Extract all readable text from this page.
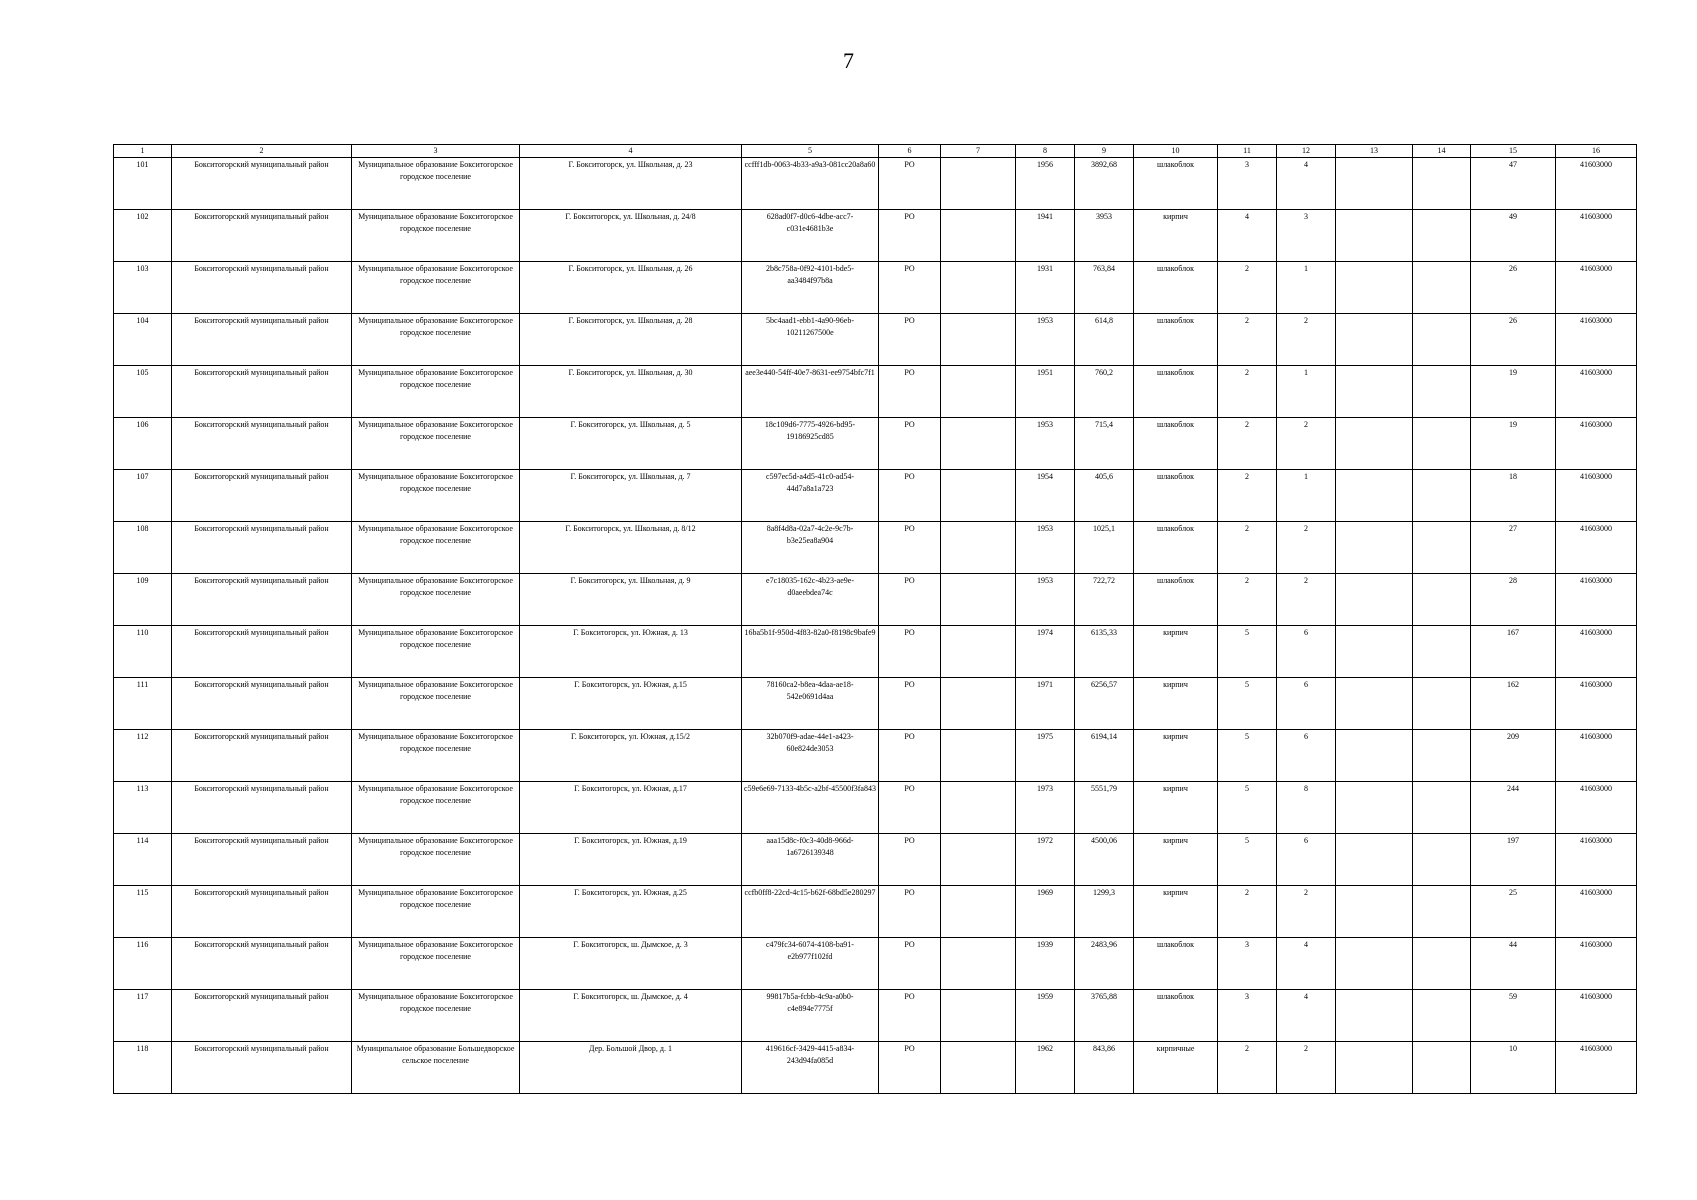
7
1	2	3	4	5	6	7	8	9	10	11	12	13	14	15	16
101	Бокситогорский муниципальный район	Муниципальное образование Бокситогорское городское поселение	Г. Бокситогорск, ул. Школьная, д. 23	ccfff1db-0063-4b33-a9a3-081cc20a8a60	РО		1956	3892,68	шлакоблок	3	4			47	41603000
102	Бокситогорский муниципальный район	Муниципальное образование Бокситогорское городское поселение	Г. Бокситогорск, ул. Школьная, д. 24/8	628ad0f7-d0c6-4dbe-acc7-c031e4681b3e	РО		1941	3953	кирпич	4	3			49	41603000
103	Бокситогорский муниципальный район	Муниципальное образование Бокситогорское городское поселение	Г. Бокситогорск, ул. Школьная, д. 26	2b8c758a-0f92-4101-bde5-aa3484f97b8a	РО		1931	763,84	шлакоблок	2	1			26	41603000
104	Бокситогорский муниципальный район	Муниципальное образование Бокситогорское городское поселение	Г. Бокситогорск, ул. Школьная, д. 28	5bc4aad1-ebb1-4a90-96eb-10211267500e	РО		1953	614,8	шлакоблок	2	2			26	41603000
105	Бокситогорский муниципальный район	Муниципальное образование Бокситогорское городское поселение	Г. Бокситогорск, ул. Школьная, д. 30	aee3e440-54ff-40e7-8631-ee9754bfc7f1	РО		1951	760,2	шлакоблок	2	1			19	41603000
106	Бокситогорский муниципальный район	Муниципальное образование Бокситогорское городское поселение	Г. Бокситогорск, ул. Школьная, д. 5	18c109d6-7775-4926-bd95-19186925cd85	РО		1953	715,4	шлакоблок	2	2			19	41603000
107	Бокситогорский муниципальный район	Муниципальное образование Бокситогорское городское поселение	Г. Бокситогорск, ул. Школьная, д. 7	c597ec5d-a4d5-41c0-ad54-44d7a8a1a723	РО		1954	405,6	шлакоблок	2	1			18	41603000
108	Бокситогорский муниципальный район	Муниципальное образование Бокситогорское городское поселение	Г. Бокситогорск, ул. Школьная, д. 8/12	8a8f4d8a-02a7-4c2e-9c7b-b3e25ea8a904	РО		1953	1025,1	шлакоблок	2	2			27	41603000
109	Бокситогорский муниципальный район	Муниципальное образование Бокситогорское городское поселение	Г. Бокситогорск, ул. Школьная, д. 9	e7c18035-162c-4b23-ae9e-d0aeebdea74c	РО		1953	722,72	шлакоблок	2	2			28	41603000
110	Бокситогорский муниципальный район	Муниципальное образование Бокситогорское городское поселение	Г. Бокситогорск, ул. Южная, д. 13	16ba5b1f-950d-4f83-82a0-f8198c9bafe9	РО		1974	6135,33	кирпич	5	6			167	41603000
111	Бокситогорский муниципальный район	Муниципальное образование Бокситогорское городское поселение	Г. Бокситогорск, ул. Южная, д.15	78160ca2-b8ea-4daa-ae18-542e0691d4aa	РО		1971	6256,57	кирпич	5	6			162	41603000
112	Бокситогорский муниципальный район	Муниципальное образование Бокситогорское городское поселение	Г. Бокситогорск, ул. Южная, д.15/2	32b070f9-adae-44e1-a423-60e824de3053	РО		1975	6194,14	кирпич	5	6			209	41603000
113	Бокситогорский муниципальный район	Муниципальное образование Бокситогорское городское поселение	Г. Бокситогорск, ул. Южная, д.17	c59e6e69-7133-4b5c-a2bf-45500f3fa843	РО		1973	5551,79	кирпич	5	8			244	41603000
114	Бокситогорский муниципальный район	Муниципальное образование Бокситогорское городское поселение	Г. Бокситогорск, ул. Южная, д.19	aaa15d8c-f0c3-40d8-966d-1a6726139348	РО		1972	4500,06	кирпич	5	6			197	41603000
115	Бокситогорский муниципальный район	Муниципальное образование Бокситогорское городское поселение	Г. Бокситогорск, ул. Южная, д.25	ccfb0ff8-22cd-4c15-b62f-68bd5e280297	РО		1969	1299,3	кирпич	2	2			25	41603000
116	Бокситогорский муниципальный район	Муниципальное образование Бокситогорское городское поселение	Г. Бокситогорск, ш. Дымское, д. 3	c479fc34-6074-4108-ba91-e2b977f102fd	РО		1939	2483,96	шлакоблок	3	4			44	41603000
117	Бокситогорский муниципальный район	Муниципальное образование Бокситогорское городское поселение	Г. Бокситогорск, ш. Дымское, д. 4	99817b5a-fcbb-4c9a-a0b0-c4e894e7775f	РО		1959	3765,88	шлакоблок	3	4			59	41603000
118	Бокситогорский муниципальный район	Муниципальное образование Большедворское сельское поселение	Дер. Большой Двор, д. 1	419616cf-3429-4415-a834-243d94fa085d	РО		1962	843,86	кирпичные	2	2			10	41603000
